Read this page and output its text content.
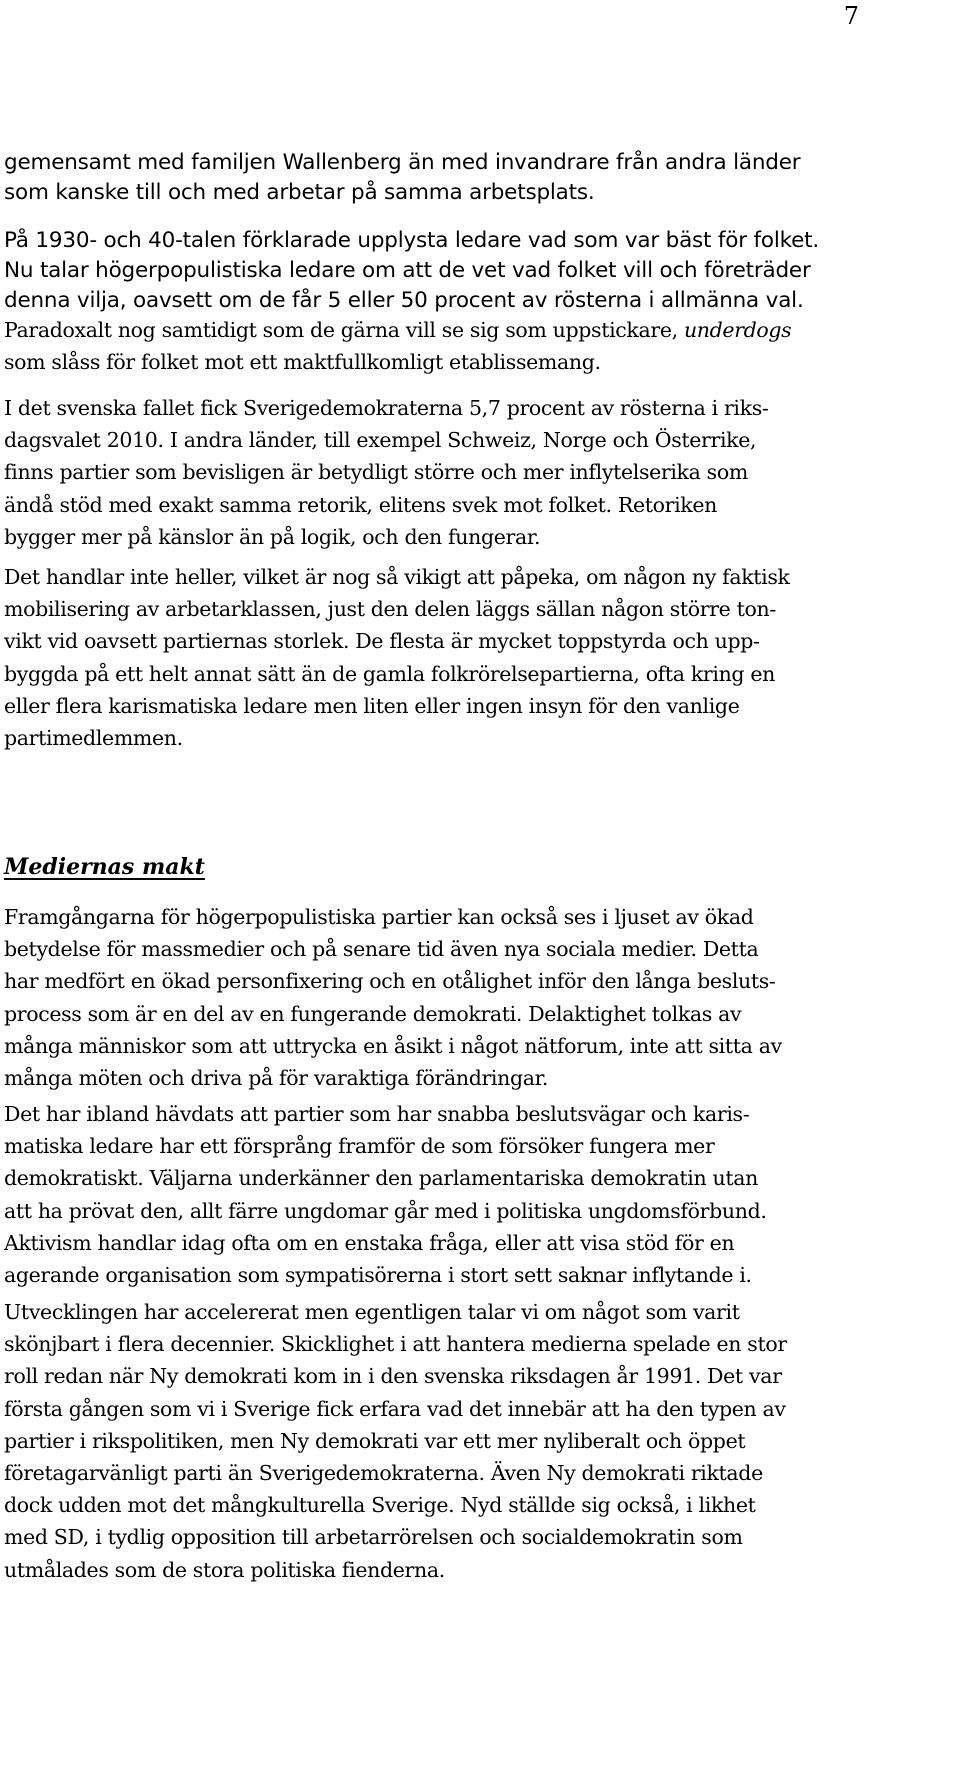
7
gemensamt med familjen Wallenberg än med invandrare från andra länder
som kanske till och med arbetar på samma arbetsplats.
På 1930- och 40-talen förklarade upplysta ledare vad som var bäst för folket.
Nu talar högerpopulistiska ledare om att de vet vad folket vill och företräder
denna vilja, oavsett om de får 5 eller 50 procent av rösterna i allmänna val.
Paradoxalt nog samtidigt som de gärna vill se sig som uppstickare, underdogs
som slåss för folket mot ett maktfullkomligt etablissemang.
I det svenska fallet fick Sverigedemokraterna 5,7 procent av rösterna i riks-
dagsvalet 2010. I andra länder, till exempel Schweiz, Norge och Österrike,
finns partier som bevisligen är betydligt större och mer inflytelserika som
ändå stöd med exakt samma retorik, elitens svek mot folket. Retoriken
bygger mer på känslor än på logik, och den fungerar.
Det handlar inte heller, vilket är nog så vikigt att påpeka, om någon ny faktisk
mobilisering av arbetarklassen, just den delen läggs sällan någon större ton-
vikt vid oavsett partiernas storlek. De flesta är mycket toppstyrda och upp-
byggda på ett helt annat sätt än de gamla folkrörelsepartierna, ofta kring en
eller flera karismatiska ledare men liten eller ingen insyn för den vanlige
partimedlemmen.
Mediernas makt
Framgångarna för högerpopulistiska partier kan också ses i ljuset av ökad
betydelse för massmedier och på senare tid även nya sociala medier. Detta
har medfört en ökad personfixering och en otålighet inför den långa besluts-
process som är en del av en fungerande demokrati. Delaktighet tolkas av
många människor som att uttrycka en åsikt i något nätforum, inte att sitta av
många möten och driva på för varaktiga förändringar.
Det har ibland hävdats att partier som har snabba beslutsvägar och karis-
matiska ledare har ett försprång framför de som försöker fungera mer
demokratiskt. Väljarna underkänner den parlamentariska demokratin utan
att ha prövat den, allt färre ungdomar går med i politiska ungdomsförbund.
Aktivism handlar idag ofta om en enstaka fråga, eller att visa stöd för en
agerande organisation som sympatisörerna i stort sett saknar inflytande i.
Utvecklingen har accelererat men egentligen talar vi om något som varit
skönjbart i flera decennier. Skicklighet i att hantera medierna spelade en stor
roll redan när Ny demokrati kom in i den svenska riksdagen år 1991. Det var
första gången som vi i Sverige fick erfara vad det innebär att ha den typen av
partier i rikspolitiken, men Ny demokrati var ett mer nyliberalt och öppet
företagarvänligt parti än Sverigedemokraterna. Även Ny demokrati riktade
dock udden mot det mångkulturella Sverige. Nyd ställde sig också, i likhet
med SD, i tydlig opposition till arbetarrörelsen och socialdemokratin som
utmålades som de stora politiska fienderna.
